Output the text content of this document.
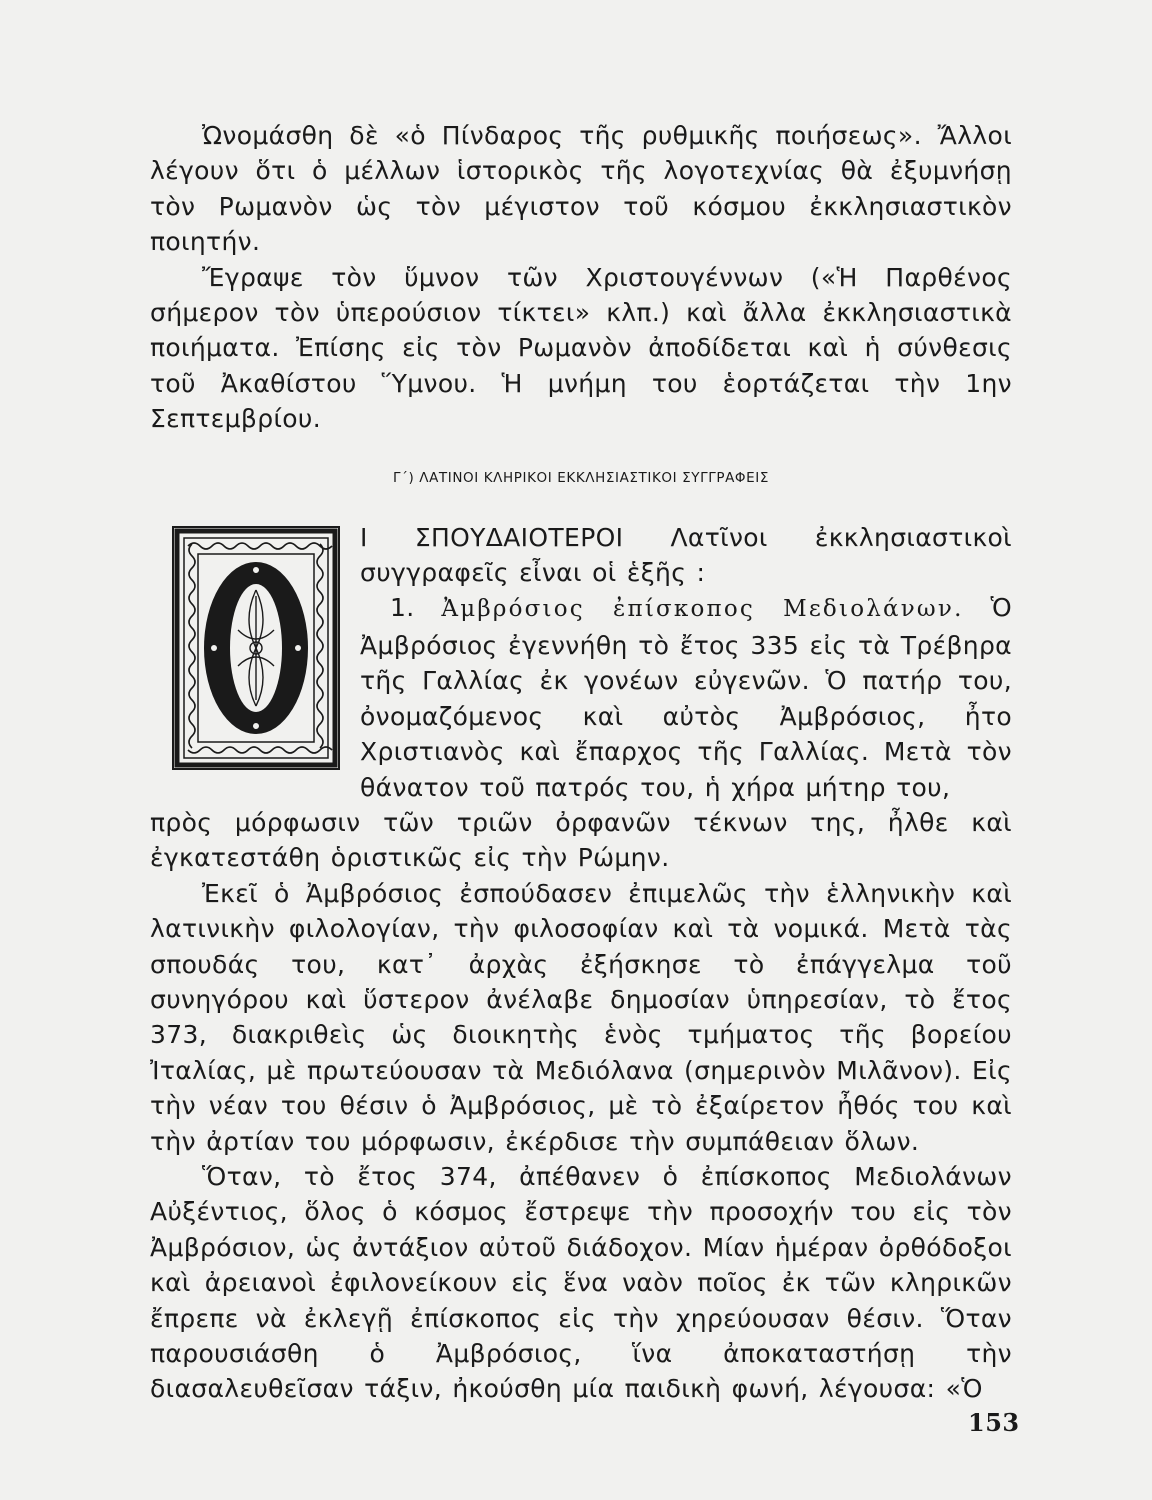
Ὠνομάσθη δὲ «ὁ Πίνδαρος τῆς ρυθμικῆς ποιήσεως». Ἄλλοι λέγουν ὅτι ὁ μέλλων ἱστορικὸς τῆς λογοτεχνίας θὰ ἐξυμνήσῃ τὸν Ρωμανὸν ὡς τὸν μέγιστον τοῦ κόσμου ἐκκλησιαστικὸν ποιητήν.

Ἔγραψε τὸν ὕμνον τῶν Χριστουγέννων («Ἡ Παρθένος σήμερον τὸν ὑπερούσιον τίκτει» κλπ.) καὶ ἄλλα ἐκκλησιαστικὰ ποιήματα. Ἐπίσης εἰς τὸν Ρωμανὸν ἀποδίδεται καὶ ἡ σύνθεσις τοῦ Ἀκαθίστου Ὕμνου. Ἡ μνήμη του ἑορτάζεται τὴν 1ην Σεπτεμβρίου.

Γ΄) ΛΑΤΙΝΟΙ ΚΛΗΡΙΚΟΙ ΕΚΚΛΗΣΙΑΣΤΙΚΟΙ ΣΥΓΓΡΑΦΕΙΣ

Ι ΣΠΟΥΔΑΙΟΤΕΡΟΙ Λατῖνοι ἐκκλησιαστικοὶ συγγραφεῖς εἶναι οἱ ἑξῆς :

1. Ἀμβρόσιος ἐπίσκοπος Μεδιολάνων. Ὁ Ἀμβρόσιος ἐγεννήθη τὸ ἔτος 335 εἰς τὰ Τρέβηρα τῆς Γαλλίας ἐκ γονέων εὐγενῶν. Ὁ πατήρ του, ὀνομαζόμενος καὶ αὐτὸς Ἀμβρόσιος, ἦτο Χριστιανὸς καὶ ἔπαρχος τῆς Γαλλίας. Μετὰ τὸν θάνατον τοῦ πατρός του, ἡ χήρα μήτηρ του,

πρὸς μόρφωσιν τῶν τριῶν ὀρφανῶν τέκνων της, ἦλθε καὶ ἐγκατεστάθη ὁριστικῶς εἰς τὴν Ρώμην.

Ἐκεῖ ὁ Ἀμβρόσιος ἐσπούδασεν ἐπιμελῶς τὴν ἑλληνικὴν καὶ λατινικὴν φιλολογίαν, τὴν φιλοσοφίαν καὶ τὰ νομικά. Μετὰ τὰς σπουδάς του, κατ᾽ ἀρχὰς ἐξήσκησε τὸ ἐπάγγελμα τοῦ συνηγόρου καὶ ὕστερον ἀνέλαβε δημοσίαν ὑπηρεσίαν, τὸ ἔτος 373, διακριθεὶς ὡς διοικητὴς ἑνὸς τμήματος τῆς βορείου Ἰταλίας, μὲ πρωτεύουσαν τὰ Μεδιόλανα (σημερινὸν Μιλᾶνον). Εἰς τὴν νέαν του θέσιν ὁ Ἀμβρόσιος, μὲ τὸ ἐξαίρετον ἦθός του καὶ τὴν ἀρτίαν του μόρφωσιν, ἐκέρδισε τὴν συμπάθειαν ὅλων.

Ὅταν, τὸ ἔτος 374, ἀπέθανεν ὁ ἐπίσκοπος Μεδιολάνων Αὐξέντιος, ὅλος ὁ κόσμος ἔστρεψε τὴν προσοχήν του εἰς τὸν Ἀμβρόσιον, ὡς ἀντάξιον αὐτοῦ διάδοχον. Μίαν ἡμέραν ὀρθόδοξοι καὶ ἀρειανοὶ ἐφιλονείκουν εἰς ἕνα ναὸν ποῖος ἐκ τῶν κληρικῶν ἔπρεπε νὰ ἐκλεγῇ ἐπίσκοπος εἰς τὴν χηρεύουσαν θέσιν. Ὅταν παρουσιάσθη ὁ Ἀμβρόσιος, ἵνα ἀποκαταστήσῃ τὴν διασαλευθεῖσαν τάξιν, ἠκούσθη μία παιδικὴ φωνή, λέγουσα: «Ὁ

153
